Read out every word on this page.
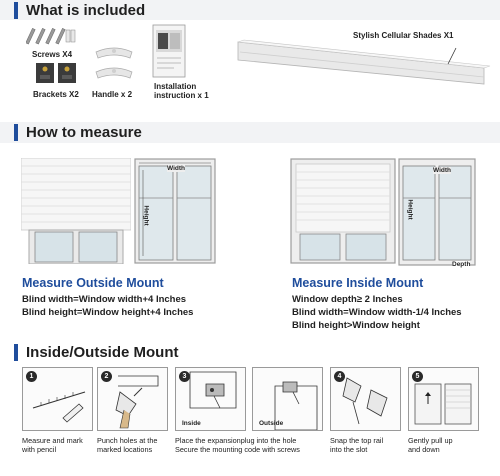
What is included
Screws X4
Brackets X2 Handle x 2
Installation
instruction x 1
Stylish Cellular Shades X1
How to measure
Width
Height
Width
Height
Depth
Measure Outside Mount
Blind width=Window width+4 Inches
Blind height=Window height+4 Inches
Measure Inside Mount
Window depth≥ 2 Inches
Blind width=Window width-1/4 Inches
Blind height>Window height
Inside/Outside Mount
1
Measure and mark
with pencil
2
Punch holes at the
marked locations
3
Inside	Outside
Place the expansionplug into the hole
Secure the mounting code with screws
4
Snap the top rail
into the slot
5
Gently pull up
and down
